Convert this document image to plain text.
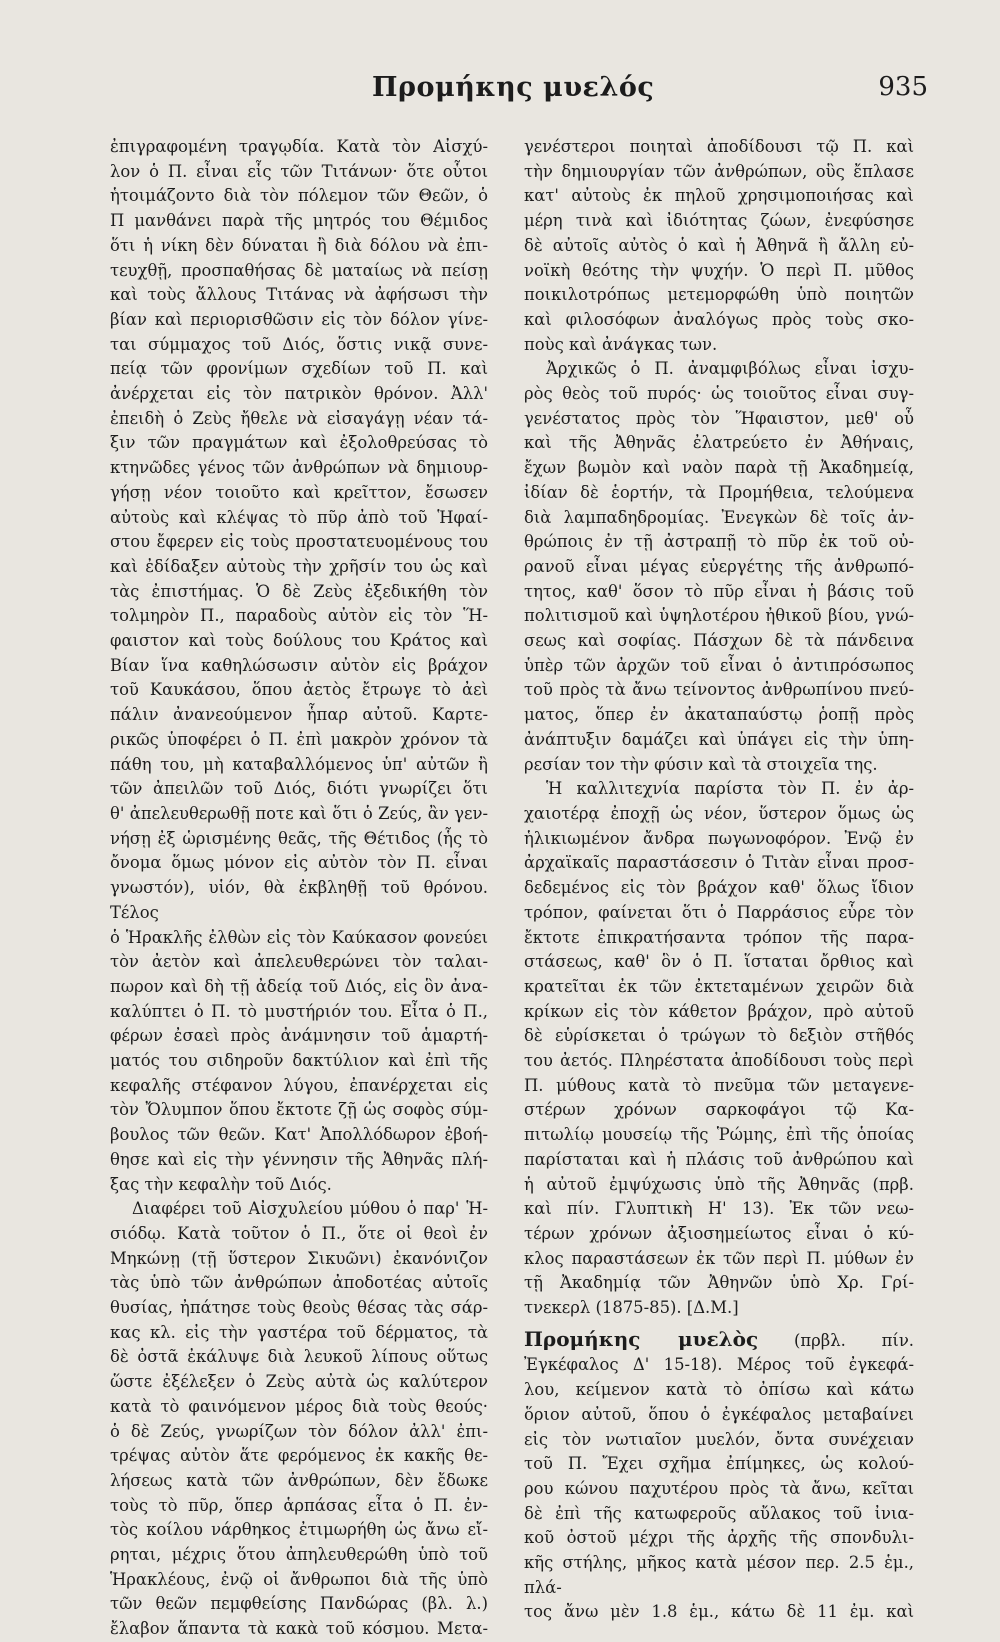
Προμήκης μυελός	935
ἐπιγραφομένη τραγῳδία. Κατὰ τὸν Αἰσχύ-
λον ὁ Π. εἶναι εἷς τῶν Τιτάνων· ὅτε οὗτοι
ἡτοιμάζοντο διὰ τὸν πόλεμον τῶν Θεῶν, ὁ
Π μανθάνει παρὰ τῆς μητρός του Θέμιδος
ὅτι ἡ νίκη δὲν δύναται ἢ διὰ δόλου νὰ ἐπι-
τευχθῇ, προσπαθήσας δὲ ματαίως νὰ πείσῃ
καὶ τοὺς ἄλλους Τιτάνας νὰ ἀφήσωσι τὴν
βίαν καὶ περιορισθῶσιν εἰς τὸν δόλον γίνε-
ται σύμμαχος τοῦ Διός, ὅστις νικᾷ συνε-
πείᾳ τῶν φρονίμων σχεδίων τοῦ Π. καὶ
ἀνέρχεται εἰς τὸν πατρικὸν θρόνον. Ἀλλ'
ἐπειδὴ ὁ Ζεὺς ἤθελε νὰ εἰσαγάγῃ νέαν τά-
ξιν τῶν πραγμάτων καὶ ἐξολοθρεύσας τὸ
κτηνῶδες γένος τῶν ἀνθρώπων νὰ δημιουρ-
γήσῃ νέον τοιοῦτο καὶ κρεῖττον, ἔσωσεν
αὐτοὺς καὶ κλέψας τὸ πῦρ ἀπὸ τοῦ Ἡφαί-
στου ἔφερεν εἰς τοὺς προστατευομένους του
καὶ ἐδίδαξεν αὐτοὺς τὴν χρῆσίν του ὡς καὶ
τὰς ἐπιστήμας. Ὁ δὲ Ζεὺς ἐξεδικήθη τὸν
τολμηρὸν Π., παραδοὺς αὐτὸν εἰς τὸν Ἥ-
φαιστον καὶ τοὺς δούλους του Κράτος καὶ
Βίαν ἵνα καθηλώσωσιν αὐτὸν εἰς βράχον
τοῦ Καυκάσου, ὅπου ἀετὸς ἔτρωγε τὸ ἀεὶ
πάλιν ἀνανεούμενον ἧπαρ αὐτοῦ. Καρτε-
ρικῶς ὑποφέρει ὁ Π. ἐπὶ μακρὸν χρόνον τὰ
πάθη του, μὴ καταβαλλόμενος ὑπ' αὐτῶν ἢ
τῶν ἀπειλῶν τοῦ Διός, διότι γνωρίζει ὅτι
θ' ἀπελευθερωθῇ ποτε καὶ ὅτι ὁ Ζεύς, ἂν γεν-
νήσῃ ἐξ ὡρισμένης θεᾶς, τῆς Θέτιδος (ἧς τὸ
ὄνομα ὅμως μόνον εἰς αὐτὸν τὸν Π. εἶναι
γνωστόν), υἱόν, θὰ ἐκβληθῇ τοῦ θρόνου. Τέλος
ὁ Ἡρακλῆς ἐλθὼν εἰς τὸν Καύκασον φονεύει
τὸν ἀετὸν καὶ ἀπελευθερώνει τὸν ταλαι-
πωρον καὶ δὴ τῇ ἀδείᾳ τοῦ Διός, εἰς ὃν ἀνα-
καλύπτει ὁ Π. τὸ μυστήριόν του. Εἶτα ὁ Π.,
φέρων ἐσαεὶ πρὸς ἀνάμνησιν τοῦ ἁμαρτή-
ματός του σιδηροῦν δακτύλιον καὶ ἐπὶ τῆς
κεφαλῆς στέφανον λύγου, ἐπανέρχεται εἰς
τὸν Ὄλυμπον ὅπου ἔκτοτε ζῇ ὡς σοφὸς σύμ-
βουλος τῶν θεῶν. Κατ' Ἀπολλόδωρον ἐβοή-
θησε καὶ εἰς τὴν γέννησιν τῆς Ἀθηνᾶς πλή-
ξας τὴν κεφαλὴν τοῦ Διός.
Διαφέρει τοῦ Αἰσχυλείου μύθου ὁ παρ' Ἡ-
σιόδῳ. Κατὰ τοῦτον ὁ Π., ὅτε οἱ θεοὶ ἐν
Μηκώνῃ (τῇ ὕστερον Σικυῶνι) ἐκανόνιζον
τὰς ὑπὸ τῶν ἀνθρώπων ἀποδοτέας αὐτοῖς
θυσίας, ἠπάτησε τοὺς θεοὺς θέσας τὰς σάρ-
κας κλ. εἰς τὴν γαστέρα τοῦ δέρματος, τὰ
δὲ ὀστᾶ ἐκάλυψε διὰ λευκοῦ λίπους οὕτως
ὥστε ἐξέλεξεν ὁ Ζεὺς αὐτὰ ὡς καλύτερον
κατὰ τὸ φαινόμενον μέρος διὰ τοὺς θεούς·
ὁ δὲ Ζεύς, γνωρίζων τὸν δόλον ἀλλ' ἐπι-
τρέψας αὐτὸν ἅτε φερόμενος ἐκ κακῆς θε-
λήσεως κατὰ τῶν ἀνθρώπων, δὲν ἔδωκε
τοὺς τὸ πῦρ, ὅπερ ἁρπάσας εἶτα ὁ Π. ἐν-
τὸς κοίλου νάρθηκος ἐτιμωρήθη ὡς ἄνω εἴ-
ρηται, μέχρις ὅτου ἀπηλευθερώθη ὑπὸ τοῦ
Ἡρακλέους, ἐνῷ οἱ ἄνθρωποι διὰ τῆς ὑπὸ
τῶν θεῶν πεμφθείσης Πανδώρας (βλ. λ.)
ἔλαβον ἅπαντα τὰ κακὰ τοῦ κόσμου. Μετα-
γενέστεροι ποιηταὶ ἀποδίδουσι τῷ Π. καὶ
τὴν δημιουργίαν τῶν ἀνθρώπων, οὓς ἔπλασε
κατ' αὐτοὺς ἐκ πηλοῦ χρησιμοποιήσας καὶ
μέρη τινὰ καὶ ἰδιότητας ζώων, ἐνεφύσησε
δὲ αὐτοῖς αὐτὸς ὁ καὶ ἡ Ἀθηνᾶ ἢ ἄλλη εὐ-
νοϊκὴ θεότης τὴν ψυχήν. Ὁ περὶ Π. μῦθος
ποικιλοτρόπως μετεμορφώθη ὑπὸ ποιητῶν
καὶ φιλοσόφων ἀναλόγως πρὸς τοὺς σκο-
ποὺς καὶ ἀνάγκας των.
Ἀρχικῶς ὁ Π. ἀναμφιβόλως εἶναι ἰσχυ-
ρὸς θεὸς τοῦ πυρός· ὡς τοιοῦτος εἶναι συγ-
γενέστατος πρὸς τὸν Ἥφαιστον, μεθ' οὗ
καὶ τῆς Ἀθηνᾶς ἐλατρεύετο ἐν Ἀθήναις,
ἔχων βωμὸν καὶ ναὸν παρὰ τῇ Ἀκαδημείᾳ,
ἰδίαν δὲ ἑορτήν, τὰ Προμήθεια, τελούμενα
διὰ λαμπαδηδρομίας. Ἐνεγκὼν δὲ τοῖς ἀν-
θρώποις ἐν τῇ ἀστραπῇ τὸ πῦρ ἐκ τοῦ οὐ-
ρανοῦ εἶναι μέγας εὐεργέτης τῆς ἀνθρωπό-
τητος, καθ' ὅσον τὸ πῦρ εἶναι ἡ βάσις τοῦ
πολιτισμοῦ καὶ ὑψηλοτέρου ἠθικοῦ βίου, γνώ-
σεως καὶ σοφίας. Πάσχων δὲ τὰ πάνδεινα
ὑπὲρ τῶν ἀρχῶν τοῦ εἶναι ὁ ἀντιπρόσωπος
τοῦ πρὸς τὰ ἄνω τείνοντος ἀνθρωπίνου πνεύ-
ματος, ὅπερ ἐν ἀκαταπαύστῳ ῥοπῇ πρὸς
ἀνάπτυξιν δαμάζει καὶ ὑπάγει εἰς τὴν ὑπη-
ρεσίαν τον τὴν φύσιν καὶ τὰ στοιχεῖα της.
Ἡ καλλιτεχνία παρίστα τὸν Π. ἐν ἀρ-
χαιοτέρᾳ ἐποχῇ ὡς νέον, ὕστερον ὅμως ὡς
ἡλικιωμένον ἄνδρα πωγωνοφόρον. Ἐνῷ ἐν
ἀρχαϊκαῖς παραστάσεσιν ὁ Τιτὰν εἶναι προσ-
δεδεμένος εἰς τὸν βράχον καθ' ὅλως ἴδιον
τρόπον, φαίνεται ὅτι ὁ Παρράσιος εὗρε τὸν
ἔκτοτε ἐπικρατήσαντα τρόπον τῆς παρα-
στάσεως, καθ' ὃν ὁ Π. ἵσταται ὄρθιος καὶ
κρατεῖται ἐκ τῶν ἐκτεταμένων χειρῶν διὰ
κρίκων εἰς τὸν κάθετον βράχον, πρὸ αὐτοῦ
δὲ εὑρίσκεται ὁ τρώγων τὸ δεξιὸν στῆθός
του ἀετός. Πληρέστατα ἀποδίδουσι τοὺς περὶ
Π. μύθους κατὰ τὸ πνεῦμα τῶν μεταγενε-
στέρων χρόνων σαρκοφάγοι τῷ Κα-
πιτωλίῳ μουσείῳ τῆς Ῥώμης, ἐπὶ τῆς ὁποίας
παρίσταται καὶ ἡ πλάσις τοῦ ἀνθρώπου καὶ
ἡ αὐτοῦ ἐμψύχωσις ὑπὸ τῆς Ἀθηνᾶς (πρβ.
καὶ πίν. Γλυπτικὴ Η' 13). Ἐκ τῶν νεω-
τέρων χρόνων ἀξιοσημείωτος εἶναι ὁ κύ-
κλος παραστάσεων ἐκ τῶν περὶ Π. μύθων ἐν
τῇ Ἀκαδημίᾳ τῶν Ἀθηνῶν ὑπὸ Χρ. Γρί-
τνεκερλ (1875-85). [Δ.Μ.]
Προμήκης μυελὸς (πρβλ. πίν.
Ἐγκέφαλος Δ' 15-18). Μέρος τοῦ ἐγκεφά-
λου, κείμενον κατὰ τὸ ὀπίσω καὶ κάτω
ὅριον αὐτοῦ, ὅπου ὁ ἐγκέφαλος μεταβαίνει
εἰς τὸν νωτιαῖον μυελόν, ὄντα συνέχειαν
τοῦ Π. Ἔχει σχῆμα ἐπίμηκες, ὡς κολού-
ρου κώνου παχυτέρου πρὸς τὰ ἄνω, κεῖται
δὲ ἐπὶ τῆς κατωφεροῦς αὔλακος τοῦ ἰνια-
κοῦ ὀστοῦ μέχρι τῆς ἀρχῆς τῆς σπονδυλι-
κῆς στήλης, μῆκος κατὰ μέσον περ. 2.5 ἑμ., πλά-
τος ἄνω μὲν 1.8 ἑμ., κάτω δὲ 11 ἐμ. καὶ
